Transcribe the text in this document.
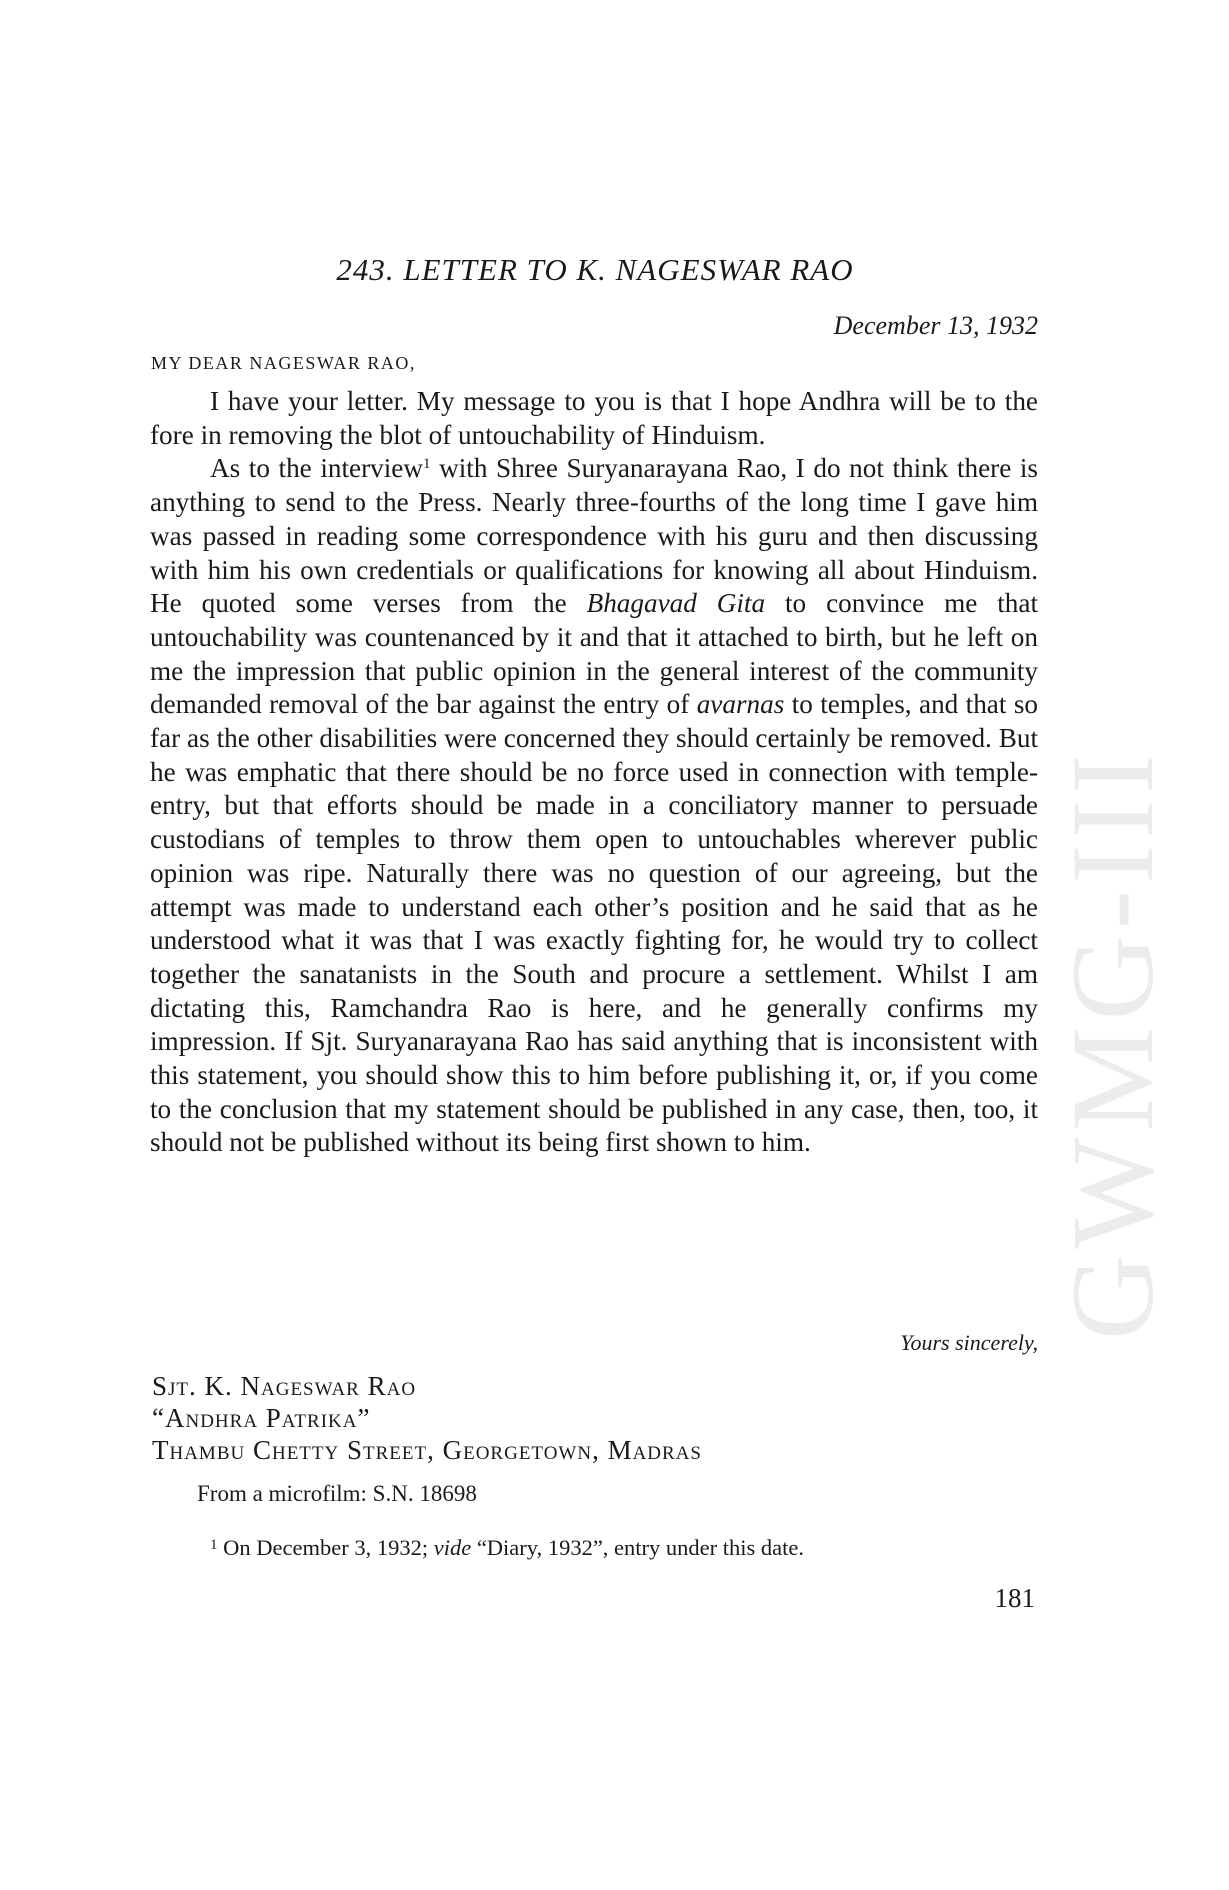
GWMG-III
243. LETTER TO K. NAGESWAR RAO
December 13, 1932
MY DEAR NAGESWAR RAO,

I have your letter. My message to you is that I hope Andhra will be to the fore in removing the blot of untouchability of Hinduism.

As to the interview$^1$ with Shree Suryanarayana Rao, I do not think there is anything to send to the Press. Nearly three-fourths of the long time I gave him was passed in reading some correspondence with his guru and then discussing with him his own credentials or qualifications for knowing all about Hinduism. He quoted some verses from the Bhagavad Gita to convince me that untouchability was countenanced by it and that it attached to birth, but he left on me the impression that public opinion in the general interest of the community demanded removal of the bar against the entry of avarnas to temples, and that so far as the other disabilities were concerned they should certainly be removed. But he was emphatic that there should be no force used in connection with temple-entry, but that efforts should be made in a conciliatory manner to persuade custodians of temples to throw them open to untouchables wherever public opinion was ripe. Naturally there was no question of our agreeing, but the attempt was made to understand each other’s position and he said that as he understood what it was that I was exactly fighting for, he would try to collect together the sanatanists in the South and procure a settlement. Whilst I am dictating this, Ramchandra Rao is here, and he generally confirms my impression. If Sjt. Suryanarayana Rao has said anything that is inconsistent with this statement, you should show this to him before publishing it, or, if you come to the conclusion that my statement should be published in any case, then, too, it should not be published without its being first shown to him.

Yours sincerely,
Sjt. K. Nageswar Rao
“Andhra Patrika”
Thambu Chetty Street, Georgetown, Madras
From a microfilm: S.N. 18698
$^1$ On December 3, 1932; vide “Diary, 1932”, entry under this date.
181
